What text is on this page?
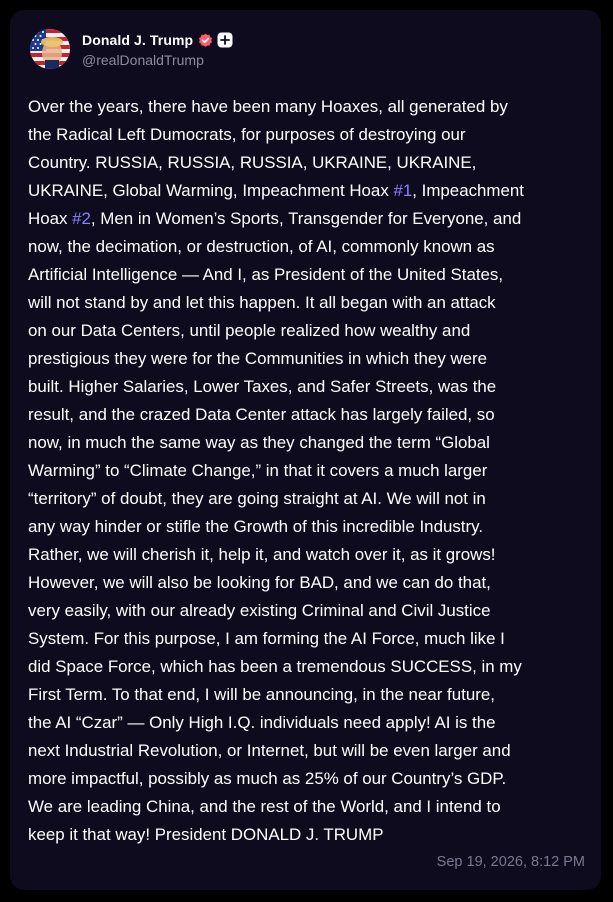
Donald J. Trump
@realDonaldTrump
Over the years, there have been many Hoaxes, all generated by
the Radical Left Dumocrats, for purposes of destroying our
Country. RUSSIA, RUSSIA, RUSSIA, UKRAINE, UKRAINE,
UKRAINE, Global Warming, Impeachment Hoax #1, Impeachment
Hoax #2, Men in Women’s Sports, Transgender for Everyone, and
now, the decimation, or destruction, of AI, commonly known as
Artificial Intelligence — And I, as President of the United States,
will not stand by and let this happen. It all began with an attack
on our Data Centers, until people realized how wealthy and
prestigious they were for the Communities in which they were
built. Higher Salaries, Lower Taxes, and Safer Streets, was the
result, and the crazed Data Center attack has largely failed, so
now, in much the same way as they changed the term “Global
Warming” to “Climate Change,” in that it covers a much larger
“territory” of doubt, they are going straight at AI. We will not in
any way hinder or stifle the Growth of this incredible Industry.
Rather, we will cherish it, help it, and watch over it, as it grows!
However, we will also be looking for BAD, and we can do that,
very easily, with our already existing Criminal and Civil Justice
System. For this purpose, I am forming the AI Force, much like I
did Space Force, which has been a tremendous SUCCESS, in my
First Term. To that end, I will be announcing, in the near future,
the AI “Czar” — Only High I.Q. individuals need apply! AI is the
next Industrial Revolution, or Internet, but will be even larger and
more impactful, possibly as much as 25% of our Country’s GDP.
We are leading China, and the rest of the World, and I intend to
keep it that way! President DONALD J. TRUMP
Sep 19, 2026, 8:12 PM
